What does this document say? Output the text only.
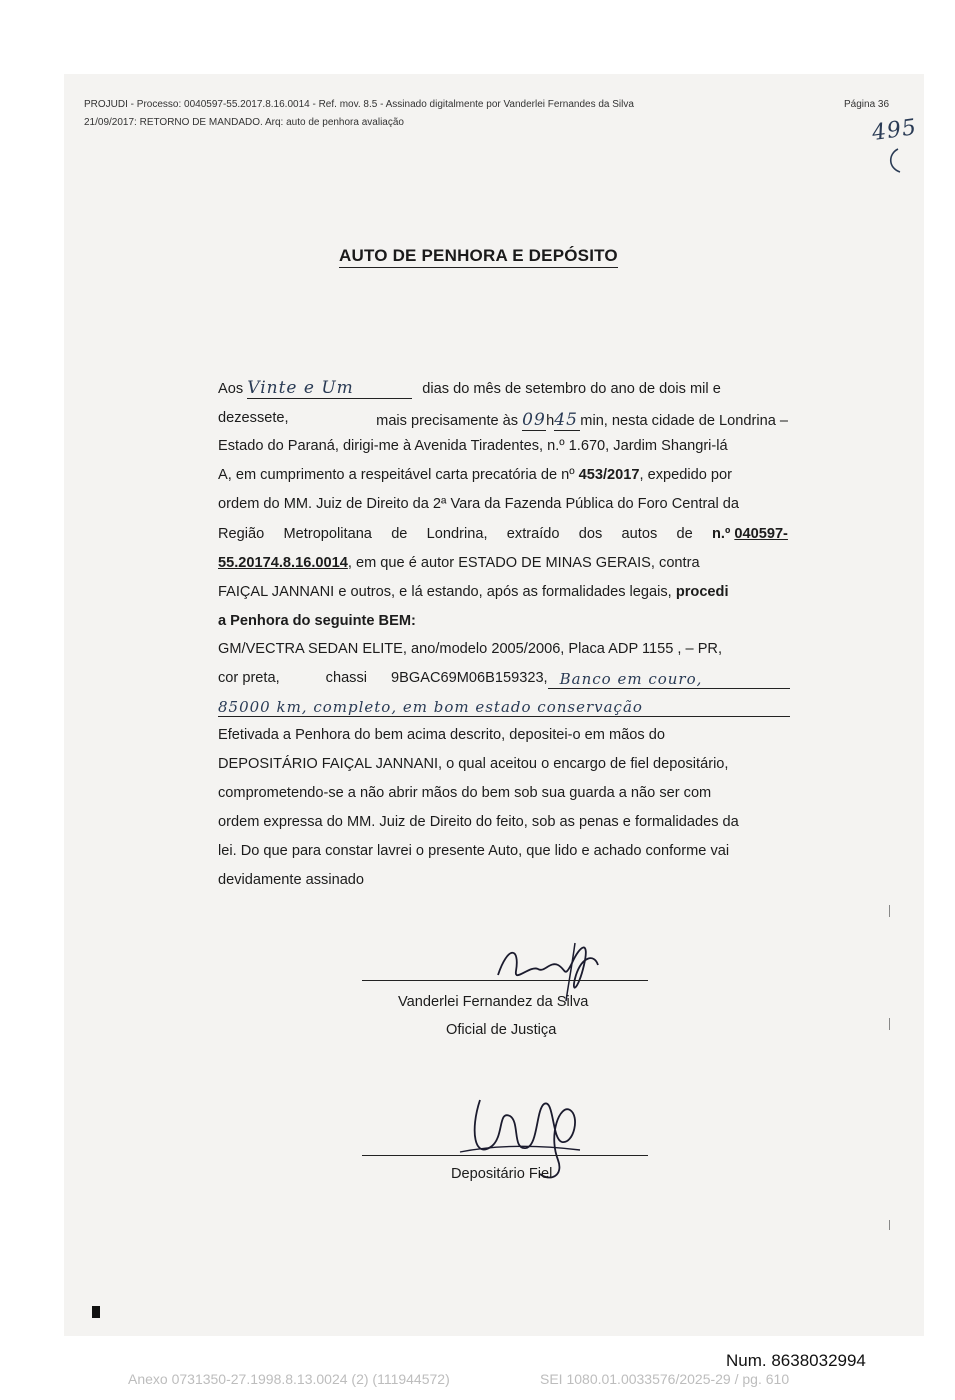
PROJUDI - Processo: 0040597-55.2017.8.16.0014 - Ref. mov. 8.5 - Assinado digitalmente por Vanderlei Fernandes da Silva
21/09/2017: RETORNO DE MANDADO. Arq: auto de penhora avaliação
Página 36
495
AUTO DE PENHORA E DEPÓSITO
Aos Vinte e Um	dias do mês de setembro do ano de dois mil e
dezessete,	mais precisamente às 09h45 min, nesta cidade de Londrina –
Estado do Paraná, dirigi-me à Avenida Tiradentes, n.º 1.670, Jardim Shangri-lá
A, em cumprimento a respeitável carta precatória de nº 453/2017, expedido por
ordem do MM. Juiz de Direito da 2ª Vara da Fazenda Pública do Foro Central da
Região Metropolitana de Londrina, extraído dos autos de n.º 040597-
55.20174.8.16.0014, em que é autor ESTADO DE MINAS GERAIS, contra
FAIÇAL JANNANI e outros, e lá estando, após as formalidades legais, procedi
a Penhora do seguinte BEM:
GM/VECTRA SEDAN ELITE, ano/modelo 2005/2006, Placa ADP 1155 , – PR,
cor preta,	chassi 9BGAC69M06B159323, Banco em couro,
85000 km, completo, em bom estado conservação
Efetivada a Penhora do bem acima descrito, depositei-o em mãos do
DEPOSITÁRIO FAIÇAL JANNANI, o qual aceitou o encargo de fiel depositário,
comprometendo-se a não abrir mãos do bem sob sua guarda a não ser com
ordem expressa do MM. Juiz de Direito do feito, sob as penas e formalidades da
lei. Do que para constar lavrei o presente Auto, que lido e achado conforme vai
devidamente assinado
Vanderlei Fernandez da Silva
Oficial de Justiça
Depositário Fiel
Num. 8638032994
Anexo 0731350-27.1998.8.13.0024 (2) (111944572)	SEI 1080.01.0033576/2025-29 / pg. 610
